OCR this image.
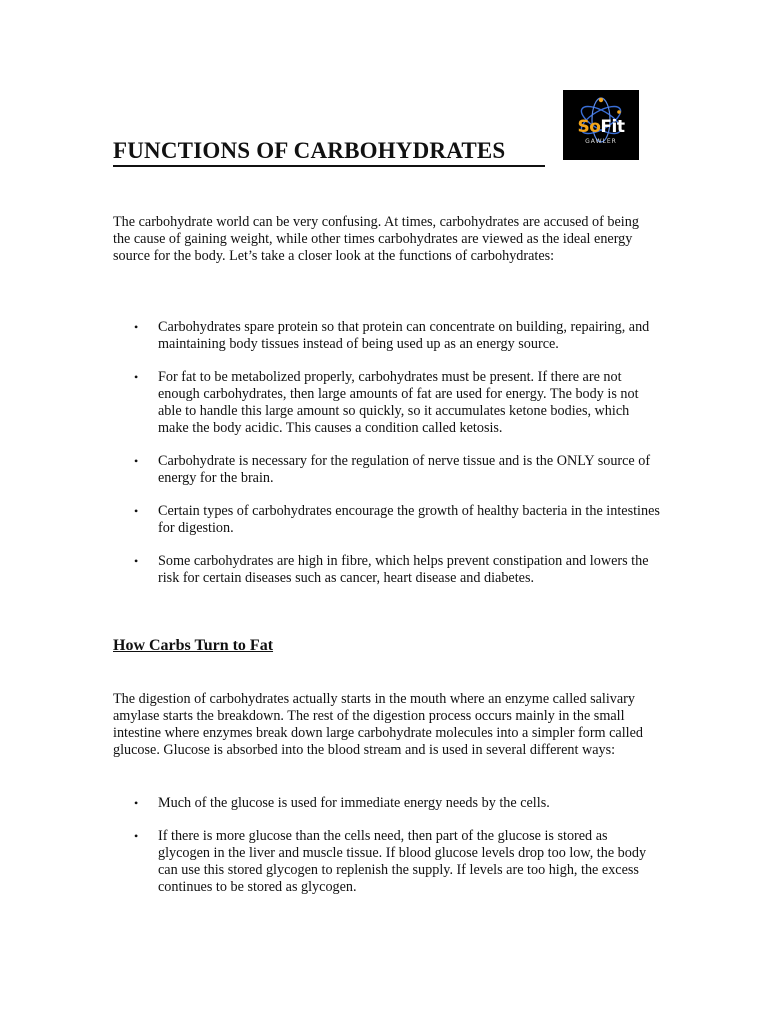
FUNCTIONS OF CARBOHYDRATES
SoFit
GAWLER

The carbohydrate world can be very confusing. At times, carbohydrates are accused of being the cause of gaining weight, while other times carbohydrates are viewed as the ideal energy source for the body. Let’s take a closer look at the functions of carbohydrates:

• Carbohydrates spare protein so that protein can concentrate on building, repairing, and maintaining body tissues instead of being used up as an energy source.
• For fat to be metabolized properly, carbohydrates must be present. If there are not enough carbohydrates, then large amounts of fat are used for energy. The body is not able to handle this large amount so quickly, so it accumulates ketone bodies, which make the body acidic. This causes a condition called ketosis.
• Carbohydrate is necessary for the regulation of nerve tissue and is the ONLY source of energy for the brain.
• Certain types of carbohydrates encourage the growth of healthy bacteria in the intestines for digestion.
• Some carbohydrates are high in fibre, which helps prevent constipation and lowers the risk for certain diseases such as cancer, heart disease and diabetes.
How Carbs Turn to Fat

The digestion of carbohydrates actually starts in the mouth where an enzyme called salivary amylase starts the breakdown. The rest of the digestion process occurs mainly in the small intestine where enzymes break down large carbohydrate molecules into a simpler form called glucose. Glucose is absorbed into the blood stream and is used in several different ways:

• Much of the glucose is used for immediate energy needs by the cells.
• If there is more glucose than the cells need, then part of the glucose is stored as glycogen in the liver and muscle tissue. If blood glucose levels drop too low, the body can use this stored glycogen to replenish the supply. If levels are too high, the excess continues to be stored as glycogen.
